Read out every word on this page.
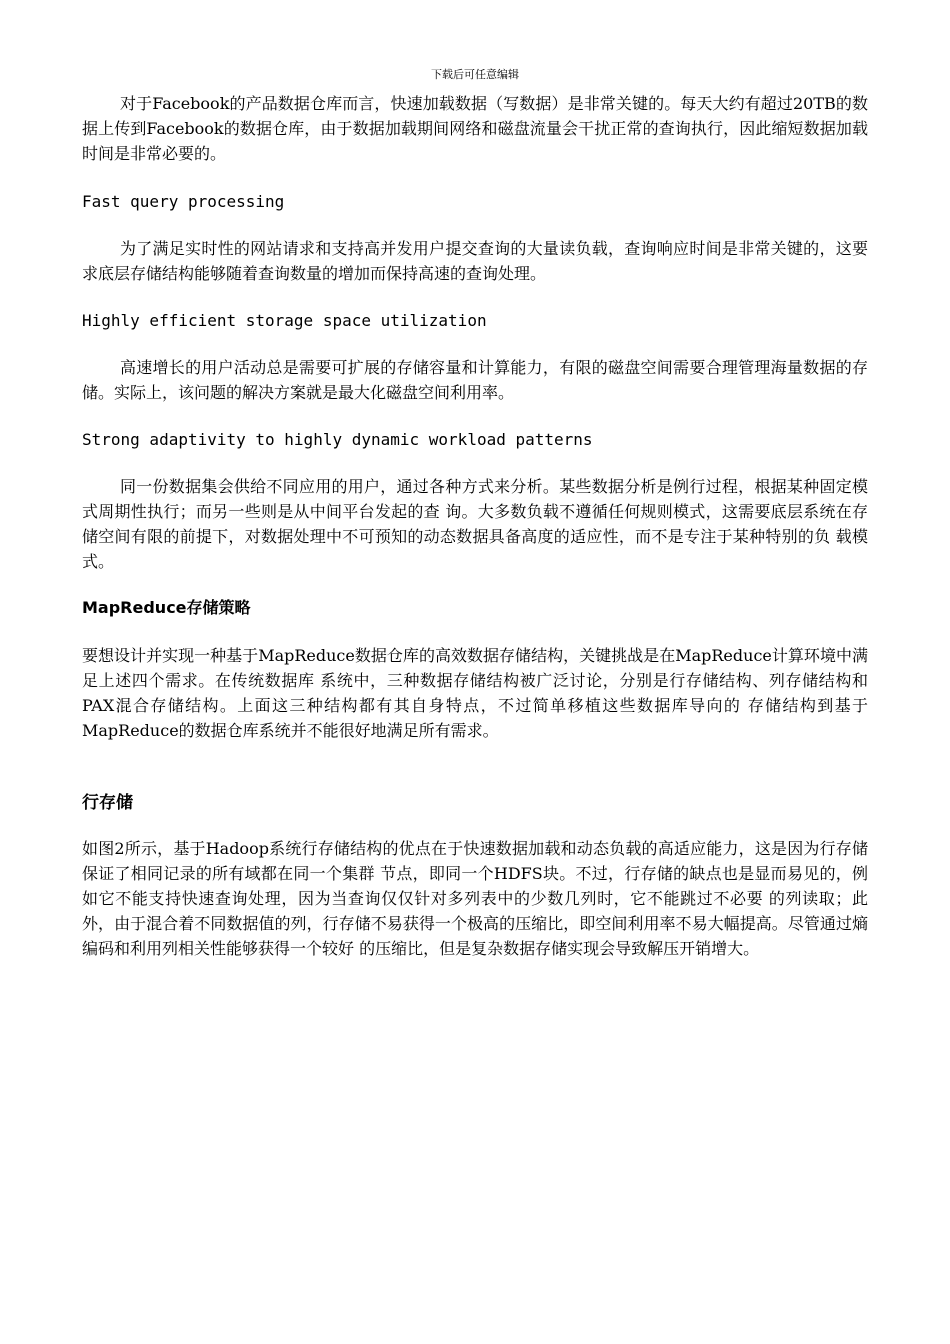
下载后可任意编辑

对于Facebook的产品数据仓库而言，快速加载数据（写数据）是非常关键的。每天大约有超过20TB的数据上传到Facebook的数据仓库，由于数据加载期间网络和磁盘流量会干扰正常的查询执行，因此缩短数据加载时间是非常必要的。

Fast query processing

为了满足实时性的网站请求和支持高并发用户提交查询的大量读负载，查询响应时间是非常关键的，这要求底层存储结构能够随着查询数量的增加而保持高速的查询处理。

Highly efficient storage space utilization

高速增长的用户活动总是需要可扩展的存储容量和计算能力，有限的磁盘空间需要合理管理海量数据的存储。实际上，该问题的解决方案就是最大化磁盘空间利用率。

Strong adaptivity to highly dynamic workload patterns

同一份数据集会供给不同应用的用户，通过各种方式来分析。某些数据分析是例行过程，根据某种固定模式周期性执行；而另一些则是从中间平台发起的查 询。大多数负载不遵循任何规则模式，这需要底层系统在存储空间有限的前提下，对数据处理中不可预知的动态数据具备高度的适应性，而不是专注于某种特别的负 载模式。

MapReduce存储策略

要想设计并实现一种基于MapReduce数据仓库的高效数据存储结构，关键挑战是在MapReduce计算环境中满足上述四个需求。在传统数据库 系统中，三种数据存储结构被广泛讨论，分别是行存储结构、列存储结构和PAX混合存储结构。上面这三种结构都有其自身特点，不过简单移植这些数据库导向的 存储结构到基于MapReduce的数据仓库系统并不能很好地满足所有需求。

行存储

如图2所示，基于Hadoop系统行存储结构的优点在于快速数据加载和动态负载的高适应能力，这是因为行存储保证了相同记录的所有域都在同一个集群 节点，即同一个HDFS块。不过，行存储的缺点也是显而易见的，例如它不能支持快速查询处理，因为当查询仅仅针对多列表中的少数几列时，它不能跳过不必要 的列读取；此外，由于混合着不同数据值的列，行存储不易获得一个极高的压缩比，即空间利用率不易大幅提高。尽管通过熵编码和利用列相关性能够获得一个较好 的压缩比，但是复杂数据存储实现会导致解压开销增大。
